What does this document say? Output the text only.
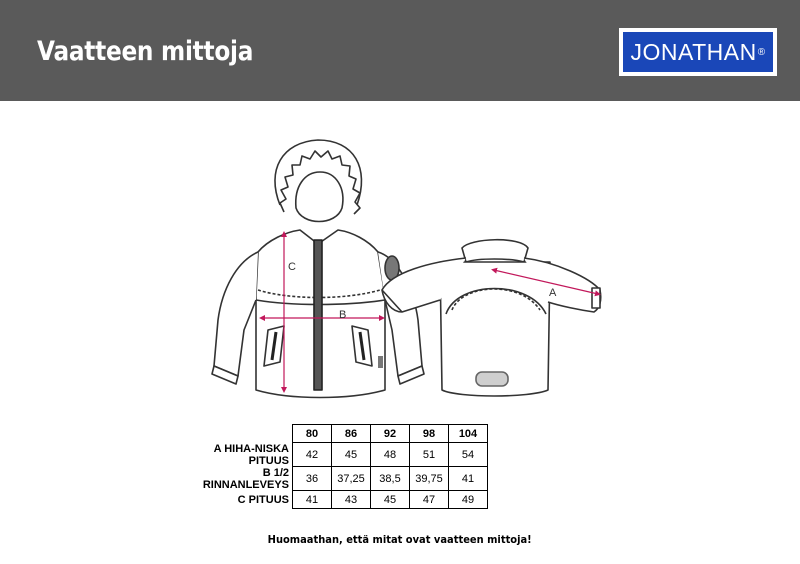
Vaatteen mittoja	JONATHAN ®
C
B
A
	80	86	92	98	104
A HIHA-NISKA PITUUS	42	45	48	51	54
B 1/2 RINNANLEVEYS	36	37,25	38,5	39,75	41
C PITUUS	41	43	45	47	49
Huomaathan, että mitat ovat vaatteen mittoja!
